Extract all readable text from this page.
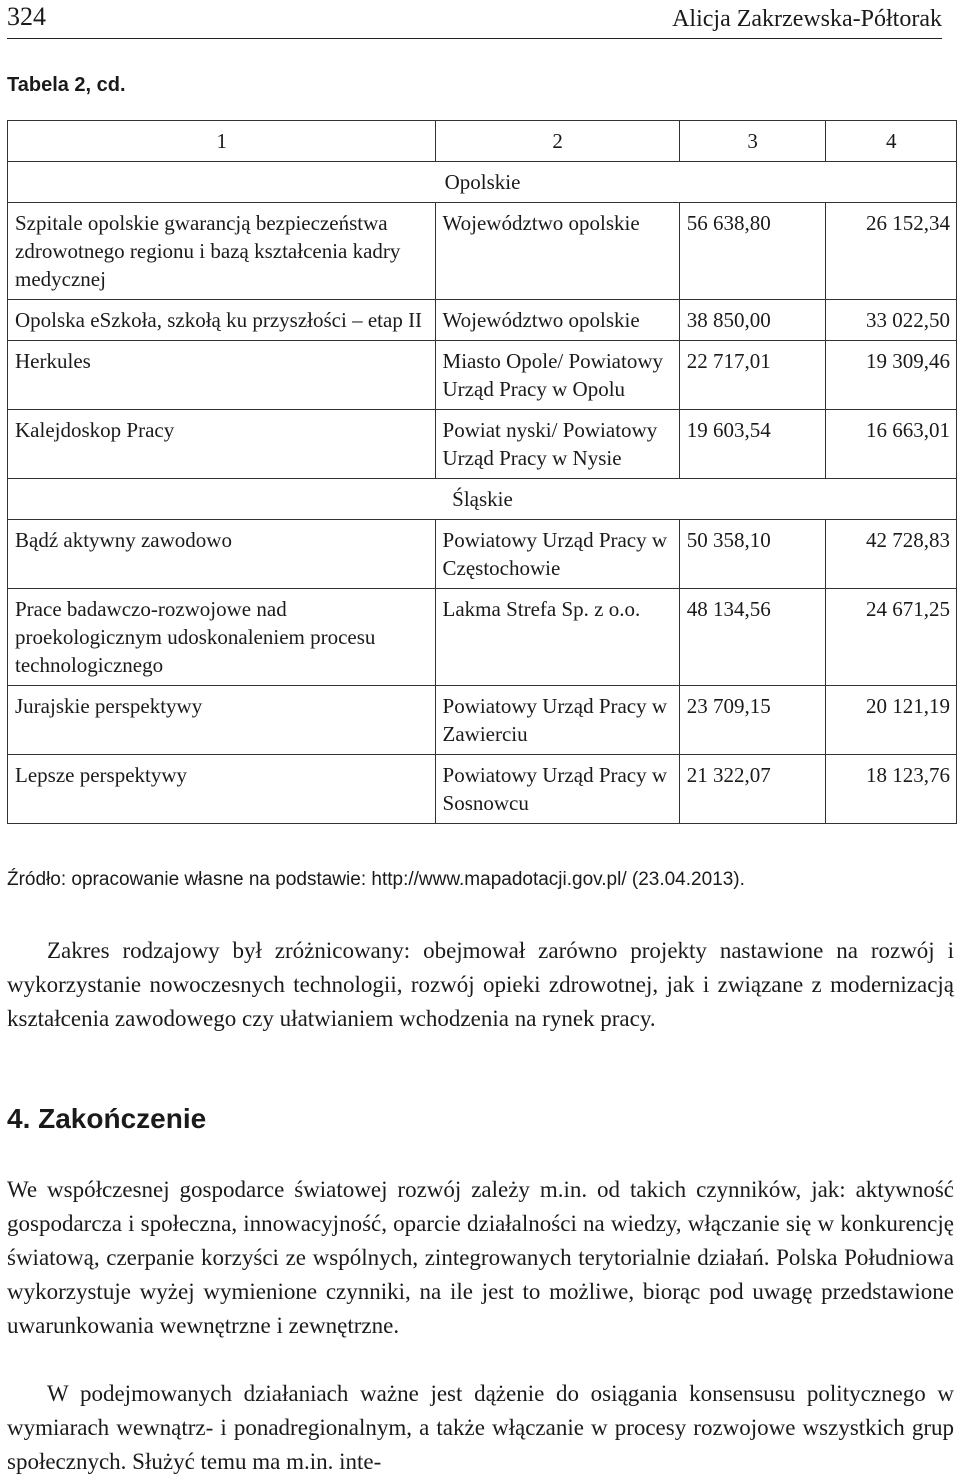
324	Alicja Zakrzewska-Półtorak
Tabela 2, cd.
1	2	3	4
Opolskie			
Szpitale opolskie gwarancją bezpieczeństwa zdrowotnego regionu i bazą kształcenia kadry medycznej	Województwo opolskie	56 638,80	26 152,34
Opolska eSzkoła, szkołą ku przyszłości – etap II	Województwo opolskie	38 850,00	33 022,50
Herkules	Miasto Opole/ Powiatowy Urząd Pracy w Opolu	22 717,01	19 309,46
Kalejdoskop Pracy	Powiat nyski/ Powiatowy Urząd Pracy w Nysie	19 603,54	16 663,01
Śląskie			
Bądź aktywny zawodowo	Powiatowy Urząd Pracy w Częstochowie	50 358,10	42 728,83
Prace badawczo-rozwojowe nad proekologicznym udoskonaleniem procesu technologicznego	Lakma Strefa Sp. z o.o.	48 134,56	24 671,25
Jurajskie perspektywy	Powiatowy Urząd Pracy w Zawierciu	23 709,15	20 121,19
Lepsze perspektywy	Powiatowy Urząd Pracy w Sosnowcu	21 322,07	18 123,76
Źródło: opracowanie własne na podstawie: http://www.mapadotacji.gov.pl/ (23.04.2013).

Zakres rodzajowy był zróżnicowany: obejmował zarówno projekty nastawione na rozwój i wykorzystanie nowoczesnych technologii, rozwój opieki zdrowotnej, jak i związane z modernizacją kształcenia zawodowego czy ułatwianiem wchodzenia na rynek pracy.

4. Zakończenie

We współczesnej gospodarce światowej rozwój zależy m.in. od takich czynników, jak: aktywność gospodarcza i społeczna, innowacyjność, oparcie działalności na wiedzy, włączanie się w konkurencję światową, czerpanie korzyści ze wspólnych, zintegrowanych terytorialnie działań. Polska Południowa wykorzystuje wyżej wymienione czynniki, na ile jest to możliwe, biorąc pod uwagę przedstawione uwarunkowania wewnętrzne i zewnętrzne.

W podejmowanych działaniach ważne jest dążenie do osiągania konsensusu politycznego w wymiarach wewnątrz- i ponadregionalnym, a także włączanie w procesy rozwojowe wszystkich grup społecznych. Służyć temu ma m.in. inte-
